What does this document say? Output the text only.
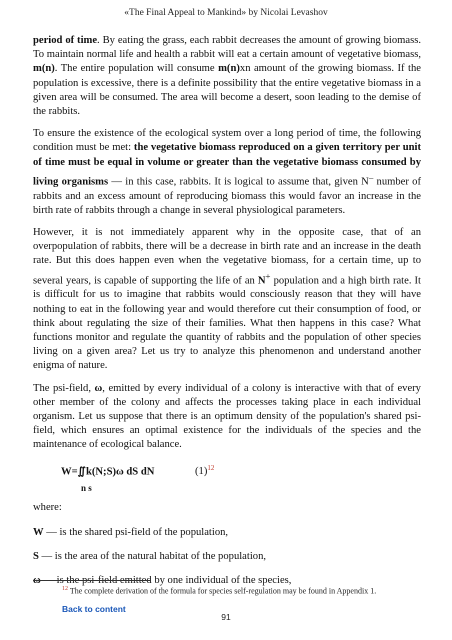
«The Final Appeal to Mankind» by Nicolai Levashov

period of time. By eating the grass, each rabbit decreases the amount of growing biomass. To maintain normal life and health a rabbit will eat a certain amount of vegetative biomass, m(n). The entire population will consume m(n)xn amount of the growing biomass. If the population is excessive, there is a definite possibility that the entire vegetative biomass in a given area will be consumed. The area will become a desert, soon leading to the demise of the rabbits.

To ensure the existence of the ecological system over a long period of time, the following condition must be met: the vegetative biomass reproduced on a given territory per unit of time must be equal in volume or greater than the vegetative biomass consumed by living organisms — in this case, rabbits. It is logical to assume that, given N– number of rabbits and an excess amount of reproducing biomass this would favor an increase in the birth rate of rabbits through a change in several physiological parameters.

However, it is not immediately apparent why in the opposite case, that of an overpopulation of rabbits, there will be a decrease in birth rate and an increase in the death rate. But this does happen even when the vegetative biomass, for a certain time, up to several years, is capable of supporting the life of an N+ population and a high birth rate. It is difficult for us to imagine that rabbits would consciously reason that they will have nothing to eat in the following year and would therefore cut their consumption of food, or think about regulating the size of their families. What then happens in this case? What functions monitor and regulate the quantity of rabbits and the population of other species living on a given area? Let us try to analyze this phenomenon and understand another enigma of nature.

The psi-field, ω, emitted by every individual of a colony is interactive with that of every other member of the colony and affects the processes taking place in each individual organism. Let us suppose that there is an optimum density of the population's shared psi-field, which ensures an optimal existence for the individuals of the species and the maintenance of ecological balance.

W=∬k(N;S)ω dS dN	$(1)^{12}$
n s
where:
W — is the shared psi-field of the population,
S — is the area of the natural habitat of the population,
ω — is the psi-field emitted by one individual of the species,
$^{12}$ The complete derivation of the formula for species self-regulation may be found in Appendix 1.
Back to content
91
